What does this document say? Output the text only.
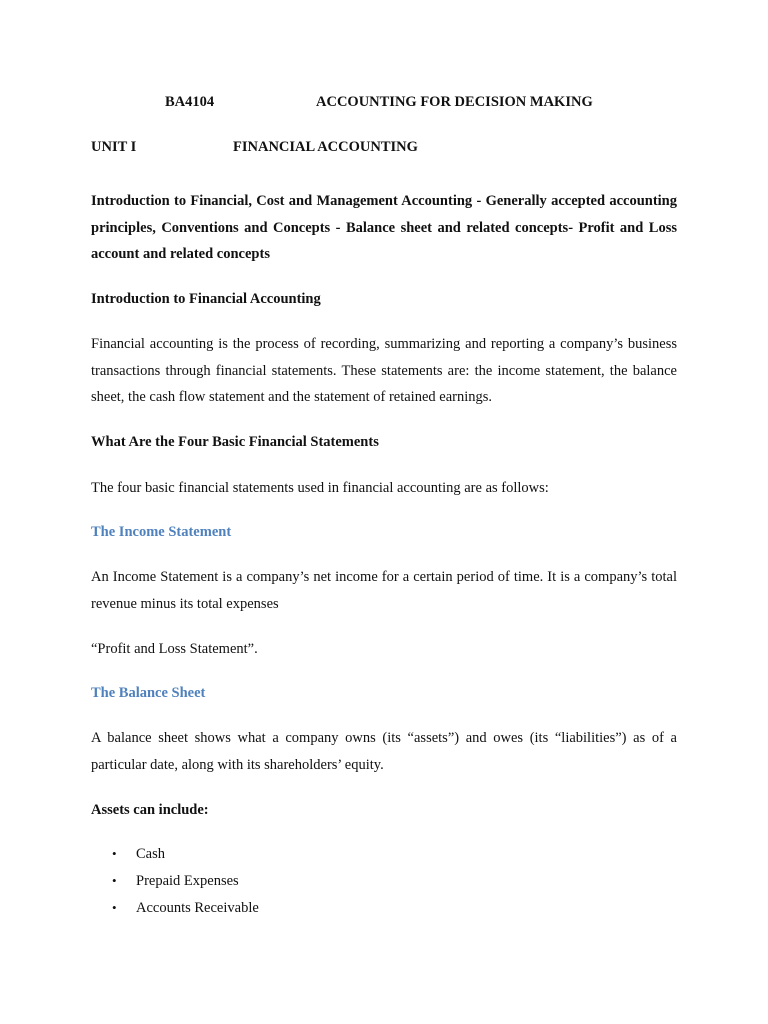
BA4104	ACCOUNTING FOR DECISION MAKING
UNIT I	FINANCIAL ACCOUNTING
Introduction to Financial, Cost and Management Accounting - Generally accepted accounting principles, Conventions and Concepts - Balance sheet and related concepts- Profit and Loss account and related concepts
Introduction to Financial Accounting
Financial accounting is the process of recording, summarizing and reporting a company’s business transactions through financial statements. These statements are: the income statement, the balance sheet, the cash flow statement and the statement of retained earnings.
What Are the Four Basic Financial Statements
The four basic financial statements used in financial accounting are as follows:
The Income Statement
An Income Statement is a company’s net income for a certain period of time. It is a company’s total revenue minus its total expenses
“Profit and Loss Statement”.
The Balance Sheet
A balance sheet shows what a company owns (its “assets”) and owes (its “liabilities”) as of a particular date, along with its shareholders’ equity.
Assets can include:
• Cash
• Prepaid Expenses
• Accounts Receivable
